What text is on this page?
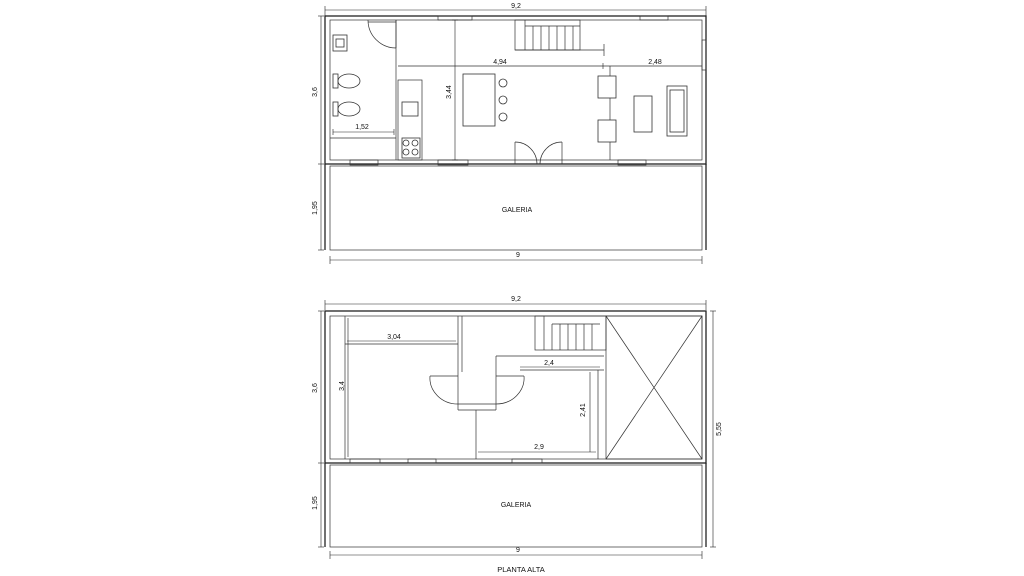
9,2
GALERIA
1,52
3,44
4,94	2,48
3,6
1,95
9
9,2
3,04
3,4
2,4
2,41
2,9
GALERIA
3,6
1,95
5,55
9
PLANTA ALTA
